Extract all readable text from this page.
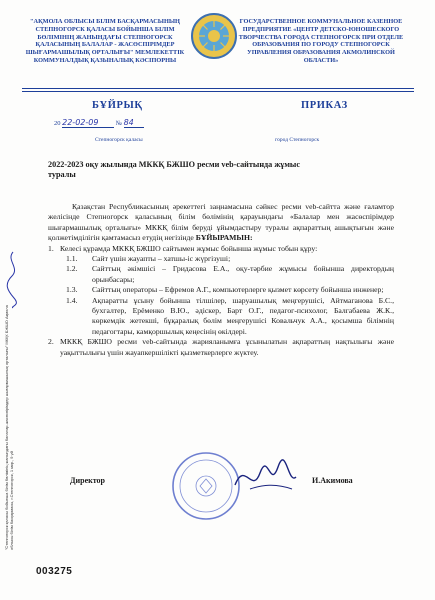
"АҚМОЛА ОБЛЫСЫ БІЛІМ БАСҚАРМАСЫНЫҢ СТЕПНОГОРСК ҚАЛАСЫ БОЙЫНША БІЛІМ БӨЛІМІНІҢ ЖАНЫНДАҒЫ СТЕПНОГОРСК ҚАЛАСЫНЫҢ БАЛАЛАР - ЖАСӨСПІРІМДЕР ШЫҒАРМАШЫЛЫҚ ОРТАЛЫҒЫ" МЕМЛЕКЕТТІК КОММУНАЛДЫҚ ҚАЗЫНАЛЫҚ КӘСІПОРНЫ
ГОСУДАРСТВЕННОЕ КОММУНАЛЬНОЕ КАЗЕННОЕ ПРЕДПРИЯТИЕ «ЦЕНТР ДЕТСКО-ЮНОШЕСКОГО ТВОРЧЕСТВА ГОРОДА СТЕПНОГОРСК ПРИ ОТДЕЛЕ ОБРАЗОВАНИЯ ПО ГОРОДУ СТЕПНОГОРСК УПРАВЛЕНИЯ ОБРАЗОВАНИЯ АКМОЛИНСКОЙ ОБЛАСТИ»
БҰЙРЫҚ	ПРИКАЗ
20 22-02-09	№ 84
Степногорск қаласы	город Степногорск
2022-2023 оқу жылында МККҚ БЖШО ресми veb-сайтында жұмыс туралы

Қазақстан Республикасының әрекеттегі заңнамасына сәйкес ресми veb-сайтта және ғаламтор желісінде Степногорск қаласының білім бөлімінің қарауындағы «Балалар мен жасөспірімдер шығармашылық орталығы» МККҚ білім беруді ұйымдастыру туралы ақпараттың ашықтығын және қолжетімділігін қамтамасыз етудің негізінде БҰЙЫРАМЫН:

1. Келесі құрамда МККҚ БЖШО сайтымен жұмыс бойынша жұмыс тобын құру:
1.1.	Сайт үшін жауапты – хатшы-іс жүргізуші;
1.2.	Сайттың әкімшісі – Гридасова Е.А., оқу-тәрбие жұмысы бойынша директордың орынбасары;
1.3.	Сайттың операторы – Ефремов А.Г., компьютерлерге қызмет көрсету бойынша инженер;
1.4.	Ақпаратты ұсыну бойынша тілшілер, шаруашылық меңгерушісі, Айтмаганова Б.С., бухгалтер, Ерёменко В.Ю., әдіскер, Барт О.Г., педагог-психолог, Балгабаева Ж.К., көркемдік жетекші, бұқаралық бөлім меңгерушісі Ковальчук А.А., қосымша білімнің педагогтары, камқоршылық кеңесінің өкілдері.
2. МККҚ БЖШО ресми veb-сайтында жарияланымға ұсынылатын ақпараттың нақтылығы және уақыттылығы үшін жауапкершілікті қызметкерлерге жүктеу.
Директор	И.Акимова
"Степногорск қаласы бойынша білім бөлімінің жанындағы балалар-жасөспірімдер шығармашылық орталығы" МКҚК БЖШО Ақмола облысы білім басқармасы, г.Степногорск, 1 мкр., 9 үй
003275
